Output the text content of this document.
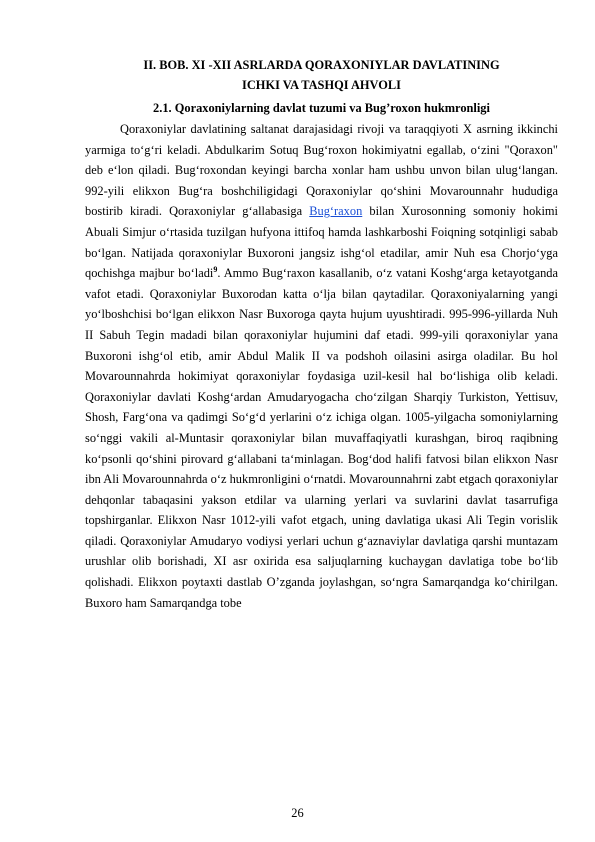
II. BOB. XI -XII ASRLARDA QORAXONIYLAR DAVLATINING

ICHKI VA TASHQI AHVOLI

2.1. Qoraxoniylarning davlat tuzumi va Bug’roxon hukmronligi

Qoraxoniylar davlatining saltanat darajasidagi rivoji va taraqqiyoti X asrning ikkinchi yarmiga toʻgʻri keladi. Abdulkarim Sotuq Bugʻroxon hokimiyatni egallab, oʻzini "Qoraxon" deb eʻlon qiladi. Bugʻroxondan keyingi barcha xonlar ham ushbu unvon bilan ulugʻlangan. 992-yili elikxon Bugʻra boshchiligidagi Qoraxoniylar qoʻshini Movarounnahr hududiga bostirib kiradi. Qoraxoniylar gʻallabasiga Bugʻraxon bilan Xurosonning somoniy hokimi Abuali Simjur oʻrtasida tuzilgan hufyona ittifoq hamda lashkarboshi Foiqning sotqinligi sabab boʻlgan. Natijada qoraxoniylar Buxoroni jangsiz ishgʻol etadilar, amir Nuh esa Chorjoʻyga qochishga majbur boʻladi$^9$. Ammo Bugʻraxon kasallanib, oʻz vatani Koshgʻarga ketayotganda vafot etadi. Qoraxoniylar Buxorodan katta oʻlja bilan qaytadilar. Qoraxoniyalarning yangi yoʻlboshchisi boʻlgan elikxon Nasr Buxoroga qayta hujum uyushtiradi. 995-996-yillarda Nuh II Sabuh Tegin madadi bilan qoraxoniylar hujumini daf etadi. 999-yili qoraxoniylar yana Buxoroni ishgʻol etib, amir Abdul Malik II va podshoh oilasini asirga oladilar. Bu hol Movarounnahrda hokimiyat qoraxoniylar foydasiga uzil-kesil hal boʻlishiga olib keladi. Qoraxoniylar davlati Koshgʻardan Amudaryogacha choʻzilgan Sharqiy Turkiston, Yettisuv, Shosh, Fargʻona va qadimgi Soʻgʻd yerlarini oʻz ichiga olgan. 1005-yilgacha somoniylarning soʻnggi vakili al-Muntasir qoraxoniylar bilan muvaffaqiyatli kurashgan, biroq raqibning koʻpsonli qoʻshini pirovard gʻallabani taʻminlagan. Bogʻdod halifi fatvosi bilan elikxon Nasr ibn Ali Movarounnahrda oʻz hukmronligini oʻrnatdi. Movarounnahrni zabt etgach qoraxoniylar dehqonlar tabaqasini yakson etdilar va ularning yerlari va suvlarini davlat tasarrufiga topshirganlar. Elikxon Nasr 1012-yili vafot etgach, uning davlatiga ukasi Ali Tegin vorislik qiladi. Qoraxoniylar Amudaryo vodiysi yerlari uchun gʻaznaviylar davlatiga qarshi muntazam urushlar olib borishadi, XI asr oxirida esa saljuqlarning kuchaygan davlatiga tobe boʻlib qolishadi. Elikxon poytaxti dastlab O’zganda joylashgan, soʻngra Samarqandga koʻchirilgan. Buxoro ham Samarqandga tobe

26
